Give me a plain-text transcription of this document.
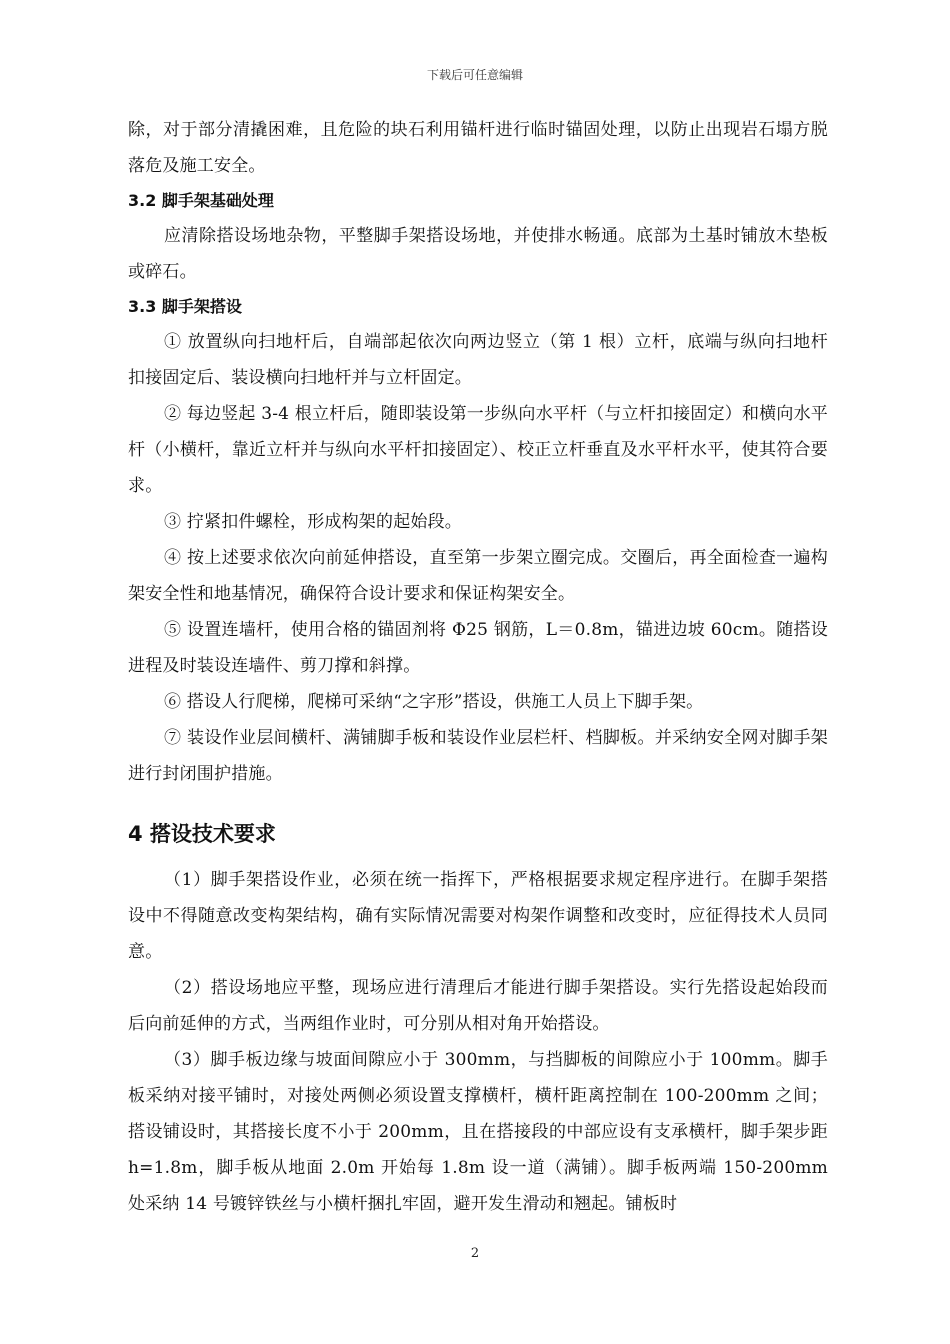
下载后可任意编辑

除，对于部分清撬困难，且危险的块石利用锚杆进行临时锚固处理，以防止出现岩石塌方脱落危及施工安全。

3.2 脚手架基础处理

应清除搭设场地杂物，平整脚手架搭设场地，并使排水畅通。底部为土基时铺放木垫板或碎石。

3.3 脚手架搭设

① 放置纵向扫地杆后，自端部起依次向两边竖立（第 1 根）立杆，底端与纵向扫地杆扣接固定后、装设横向扫地杆并与立杆固定。

② 每边竖起 3-4 根立杆后，随即装设第一步纵向水平杆（与立杆扣接固定）和横向水平杆（小横杆，靠近立杆并与纵向水平杆扣接固定）、校正立杆垂直及水平杆水平，使其符合要求。

③ 拧紧扣件螺栓，形成构架的起始段。

④ 按上述要求依次向前延伸搭设，直至第一步架立圈完成。交圈后，再全面检查一遍构架安全性和地基情况，确保符合设计要求和保证构架安全。

⑤ 设置连墙杆，使用合格的锚固剂将 Φ25 钢筋，L＝0.8m，锚进边坡 60cm。随搭设进程及时装设连墙件、剪刀撑和斜撑。

⑥ 搭设人行爬梯，爬梯可采纳“之字形”搭设，供施工人员上下脚手架。

⑦ 装设作业层间横杆、满铺脚手板和装设作业层栏杆、档脚板。并采纳安全网对脚手架进行封闭围护措施。

4 搭设技术要求

（1）脚手架搭设作业，必须在统一指挥下，严格根据要求规定程序进行。在脚手架搭设中不得随意改变构架结构，确有实际情况需要对构架作调整和改变时，应征得技术人员同意。

（2）搭设场地应平整，现场应进行清理后才能进行脚手架搭设。实行先搭设起始段而后向前延伸的方式，当两组作业时，可分别从相对角开始搭设。

（3）脚手板边缘与坡面间隙应小于 300mm，与挡脚板的间隙应小于 100mm。脚手板采纳对接平铺时，对接处两侧必须设置支撑横杆，横杆距离控制在 100-200mm 之间；搭设铺设时，其搭接长度不小于 200mm，且在搭接段的中部应设有支承横杆，脚手架步距 h=1.8m，脚手板从地面 2.0m 开始每 1.8m 设一道（满铺）。脚手板两端 150-200mm 处采纳 14 号镀锌铁丝与小横杆捆扎牢固，避开发生滑动和翘起。铺板时

2
